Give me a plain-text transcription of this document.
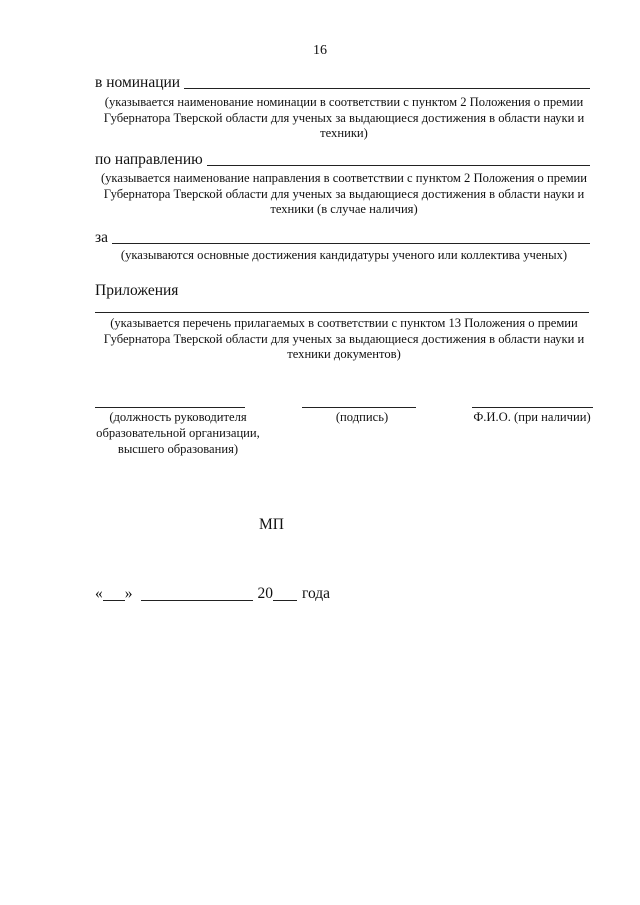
16
в номинации
(указывается наименование номинации в соответствии с пунктом 2 Положения о премии Губернатора Тверской области для ученых за выдающиеся достижения в области науки и техники)
по направлению
(указывается наименование направления в соответствии с пунктом 2 Положения о премии Губернатора Тверской области для ученых за выдающиеся достижения в области науки и техники (в случае наличия)
за
(указываются основные достижения кандидатуры ученого или коллектива ученых)
Приложения
(указывается перечень прилагаемых в соответствии с пунктом 13 Положения о премии Губернатора Тверской области для ученых за выдающиеся достижения в области науки и техники документов)
(должность руководителя образовательной организации, высшего образования)
(подпись)	Ф.И.О. (при наличии)
МП
« »	20 года
